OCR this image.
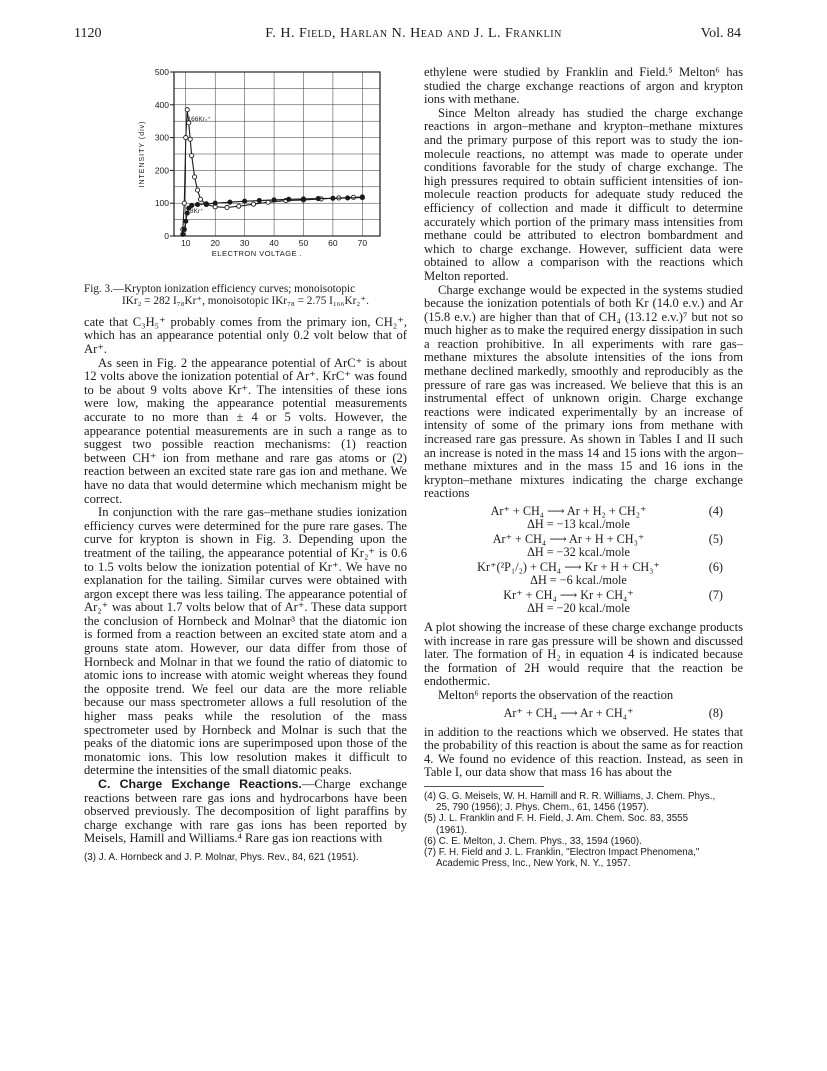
1120	F. H. Field, Harlan N. Head and J. L. Franklin	Vol. 84
10 20 30 40 50 60 70
0
100
200
300
400
500
ELECTRON VOLTAGE .
INTENSITY (div)
166Kr₂⁺
78Kr⁺
Fig. 3.—Krypton ionization efficiency curves; monoisotopic
IKr₂ = 282 I₇₈Kr⁺, monoisotopic IKr₇₈ = 2.75 I₁₆₆Kr₂⁺.

cate that C₃H₅⁺ probably comes from the primary ion, CH₂⁺, which has an appearance potential only 0.2 volt below that of Ar⁺.

As seen in Fig. 2 the appearance potential of ArC⁺ is about 12 volts above the ionization potential of Ar⁺. KrC⁺ was found to be about 9 volts above Kr⁺. The intensities of these ions were low, making the appearance potential measurements accurate to no more than ± 4 or 5 volts. However, the appearance potential measurements are in such a range as to suggest two possible reaction mechanisms: (1) reaction between CH⁺ ion from methane and rare gas atoms or (2) reaction between an excited state rare gas ion and methane. We have no data that would determine which mechanism might be correct.

In conjunction with the rare gas–methane studies ionization efficiency curves were determined for the pure rare gases. The curve for krypton is shown in Fig. 3. Depending upon the treatment of the tailing, the appearance potential of Kr₂⁺ is 0.6 to 1.5 volts below the ionization potential of Kr⁺. We have no explanation for the tailing. Similar curves were obtained with argon except there was less tailing. The appearance potential of Ar₂⁺ was about 1.7 volts below that of Ar⁺. These data support the conclusion of Hornbeck and Molnar³ that the diatomic ion is formed from a reaction between an excited state atom and a grouns state atom. However, our data differ from those of Hornbeck and Molnar in that we found the ratio of diatomic to atomic ions to increase with atomic weight whereas they found the opposite trend. We feel our data are the more reliable because our mass spectrometer allows a full resolution of the higher mass peaks while the resolution of the mass spectrometer used by Hornbeck and Molnar is such that the peaks of the diatomic ions are superimposed upon those of the monatomic ions. This low resolution makes it difficult to determine the intensities of the small diatomic peaks.

C. Charge Exchange Reactions.—Charge exchange reactions between rare gas ions and hydrocarbons have been observed previously. The decomposition of light paraffins by charge exchange with rare gas ions has been reported by Meisels, Hamill and Williams.⁴ Rare gas ion reactions with

(3) J. A. Hornbeck and J. P. Molnar, Phys. Rev., 84, 621 (1951).

ethylene were studied by Franklin and Field.⁵ Melton⁶ has studied the charge exchange reactions of argon and krypton ions with methane.

Since Melton already has studied the charge exchange reactions in argon–methane and krypton–methane mixtures and the primary purpose of this report was to study the ion-molecule reactions, no attempt was made to operate under conditions favorable for the study of charge exchange. The high pressures required to obtain sufficient intensities of ion-molecule reaction products for adequate study reduced the efficiency of collection and made it difficult to determine accurately which portion of the primary mass intensities from methane could be attributed to electron bombardment and which to charge exchange. However, sufficient data were obtained to allow a comparison with the reactions which Melton reported.

Charge exchange would be expected in the systems studied because the ionization potentials of both Kr (14.0 e.v.) and Ar (15.8 e.v.) are higher than that of CH₄ (13.12 e.v.)⁷ but not so much higher as to make the required energy dissipation in such a reaction prohibitive. In all experiments with rare gas–methane mixtures the absolute intensities of the ions from methane declined markedly, smoothly and reproducibly as the pressure of rare gas was increased. We believe that this is an instrumental effect of unknown origin. Charge exchange reactions were indicated experimentally by an increase of intensity of some of the primary ions from methane with increased rare gas pressure. As shown in Tables I and II such an increase is noted in the mass 14 and 15 ions with the argon–methane mixtures and in the mass 15 and 16 ions in the krypton–methane mixtures indicating the charge exchange reactions

Ar⁺ + CH₄ ⟶ Ar + H₂ + CH₂⁺	(4)
ΔH = −13 kcal./mole
Ar⁺ + CH₄ ⟶ Ar + H + CH₃⁺	(5)
ΔH = −32 kcal./mole
Kr⁺(²P₁/₂) + CH₄ ⟶ Kr + H + CH₃⁺	(6)
ΔH = −6 kcal./mole
Kr⁺ + CH₄ ⟶ Kr + CH₄⁺	(7)
ΔH = −20 kcal./mole

A plot showing the increase of these charge exchange products with increase in rare gas pressure will be shown and discussed later. The formation of H₂ in equation 4 is indicated because the formation of 2H would require that the reaction be endothermic.

Melton⁶ reports the observation of the reaction

Ar⁺ + CH₄ ⟶ Ar + CH₄⁺	(8)

in addition to the reactions which we observed. He states that the probability of this reaction is about the same as for reaction 4. We found no evidence of this reaction. Instead, as seen in Table I, our data show that mass 16 has about the

(4) G. G. Meisels, W. H. Hamill and R. R. Williams, J. Chem. Phys.,
25, 790 (1956); J. Phys. Chem., 61, 1456 (1957).
(5) J. L. Franklin and F. H. Field, J. Am. Chem. Soc. 83, 3555
(1961).
(6) C. E. Melton, J. Chem. Phys., 33, 1594 (1960).
(7) F. H. Field and J. L. Franklin, "Electron Impact Phenomena,"
Academic Press, Inc., New York, N. Y., 1957.
